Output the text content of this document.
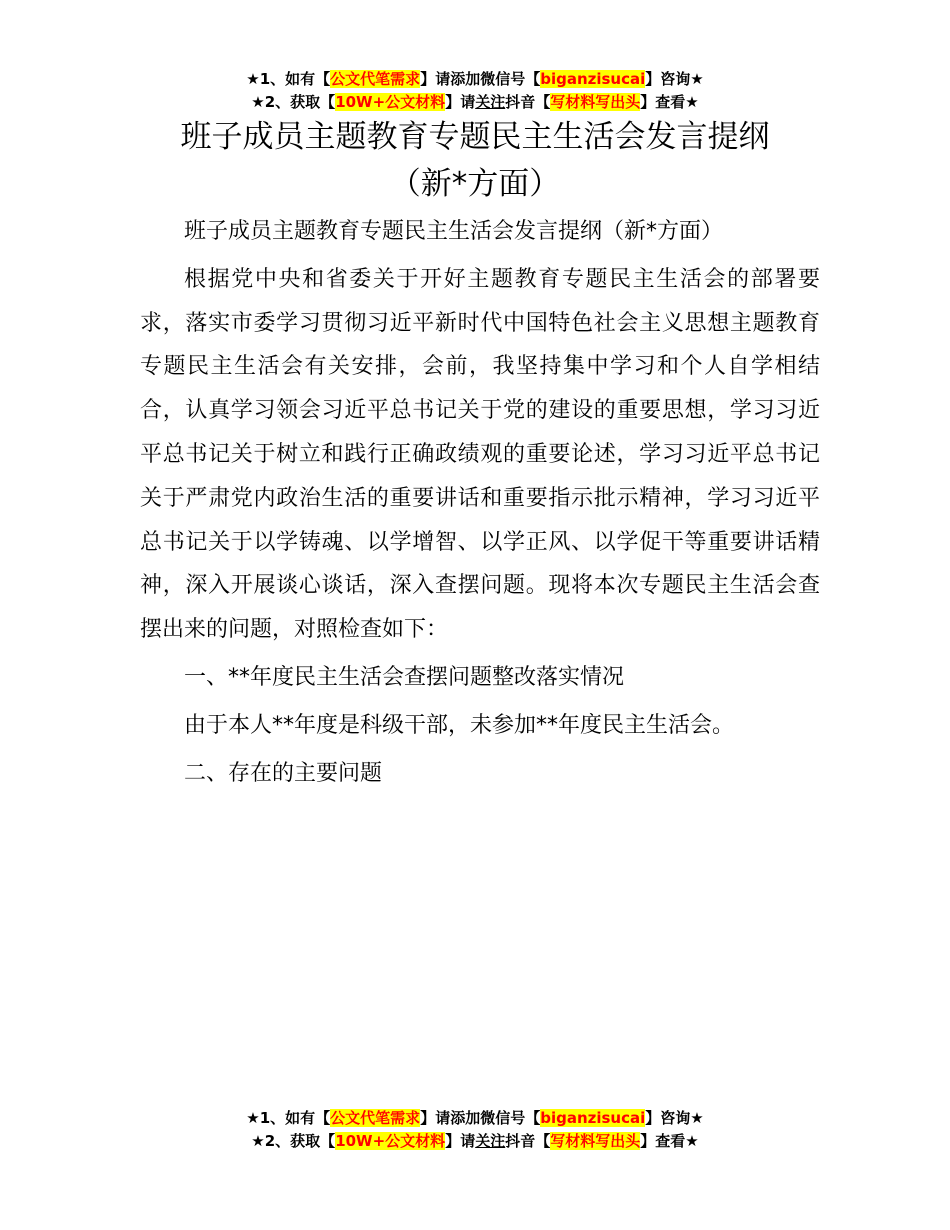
★1、如有【公文代笔需求】请添加微信号【biganzisucai】咨询★
★2、获取【10W+公文材料】请关注抖音【写材料写出头】查看★
班子成员主题教育专题民主生活会发言提纲
（新*方面）

班子成员主题教育专题民主生活会发言提纲（新*方面）

根据党中央和省委关于开好主题教育专题民主生活会的部署要求，落实市委学习贯彻习近平新时代中国特色社会主义思想主题教育专题民主生活会有关安排，会前，我坚持集中学习和个人自学相结合，认真学习领会习近平总书记关于党的建设的重要思想，学习习近平总书记关于树立和践行正确政绩观的重要论述，学习习近平总书记关于严肃党内政治生活的重要讲话和重要指示批示精神，学习习近平总书记关于以学铸魂、以学增智、以学正风、以学促干等重要讲话精神，深入开展谈心谈话，深入查摆问题。现将本次专题民主生活会查摆出来的问题，对照检查如下：

一、**年度民主生活会查摆问题整改落实情况

由于本人**年度是科级干部，未参加**年度民主生活会。

二、存在的主要问题

★1、如有【公文代笔需求】请添加微信号【biganzisucai】咨询★
★2、获取【10W+公文材料】请关注抖音【写材料写出头】查看★
